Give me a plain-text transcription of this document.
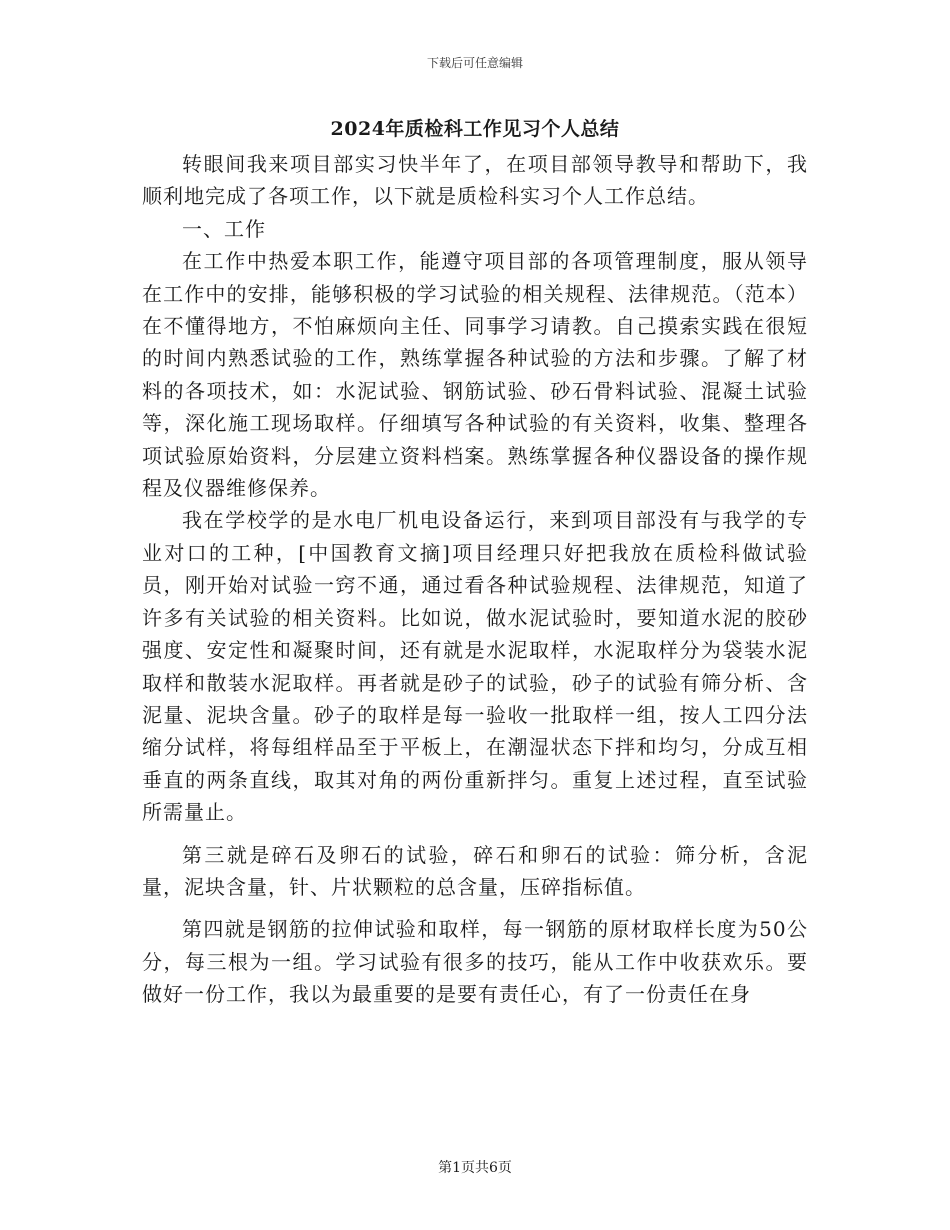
下载后可任意编辑
2024年质检科工作见习个人总结

转眼间我来项目部实习快半年了，在项目部领导教导和帮助下，我顺利地完成了各项工作，以下就是质检科实习个人工作总结。

一、工作

在工作中热爱本职工作，能遵守项目部的各项管理制度，服从领导在工作中的安排，能够积极的学习试验的相关规程、法律规范。（范本）在不懂得地方，不怕麻烦向主任、同事学习请教。自己摸索实践在很短的时间内熟悉试验的工作，熟练掌握各种试验的方法和步骤。了解了材料的各项技术，如：水泥试验、钢筋试验、砂石骨料试验、混凝土试验等，深化施工现场取样。仔细填写各种试验的有关资料，收集、整理各项试验原始资料，分层建立资料档案。熟练掌握各种仪器设备的操作规程及仪器维修保养。

我在学校学的是水电厂机电设备运行，来到项目部没有与我学的专业对口的工种，[中国教育文摘]项目经理只好把我放在质检科做试验员，刚开始对试验一窍不通，通过看各种试验规程、法律规范，知道了许多有关试验的相关资料。比如说，做水泥试验时，要知道水泥的胶砂强度、安定性和凝聚时间，还有就是水泥取样，水泥取样分为袋装水泥取样和散装水泥取样。再者就是砂子的试验，砂子的试验有筛分析、含泥量、泥块含量。砂子的取样是每一验收一批取样一组，按人工四分法缩分试样，将每组样品至于平板上，在潮湿状态下拌和均匀，分成互相垂直的两条直线，取其对角的两份重新拌匀。重复上述过程，直至试验所需量止。

第三就是碎石及卵石的试验，碎石和卵石的试验：筛分析，含泥量，泥块含量，针、片状颗粒的总含量，压碎指标值。

第四就是钢筋的拉伸试验和取样，每一钢筋的原材取样长度为50公分，每三根为一组。学习试验有很多的技巧，能从工作中收获欢乐。要做好一份工作，我以为最重要的是要有责任心，有了一份责任在身

第1页共6页
